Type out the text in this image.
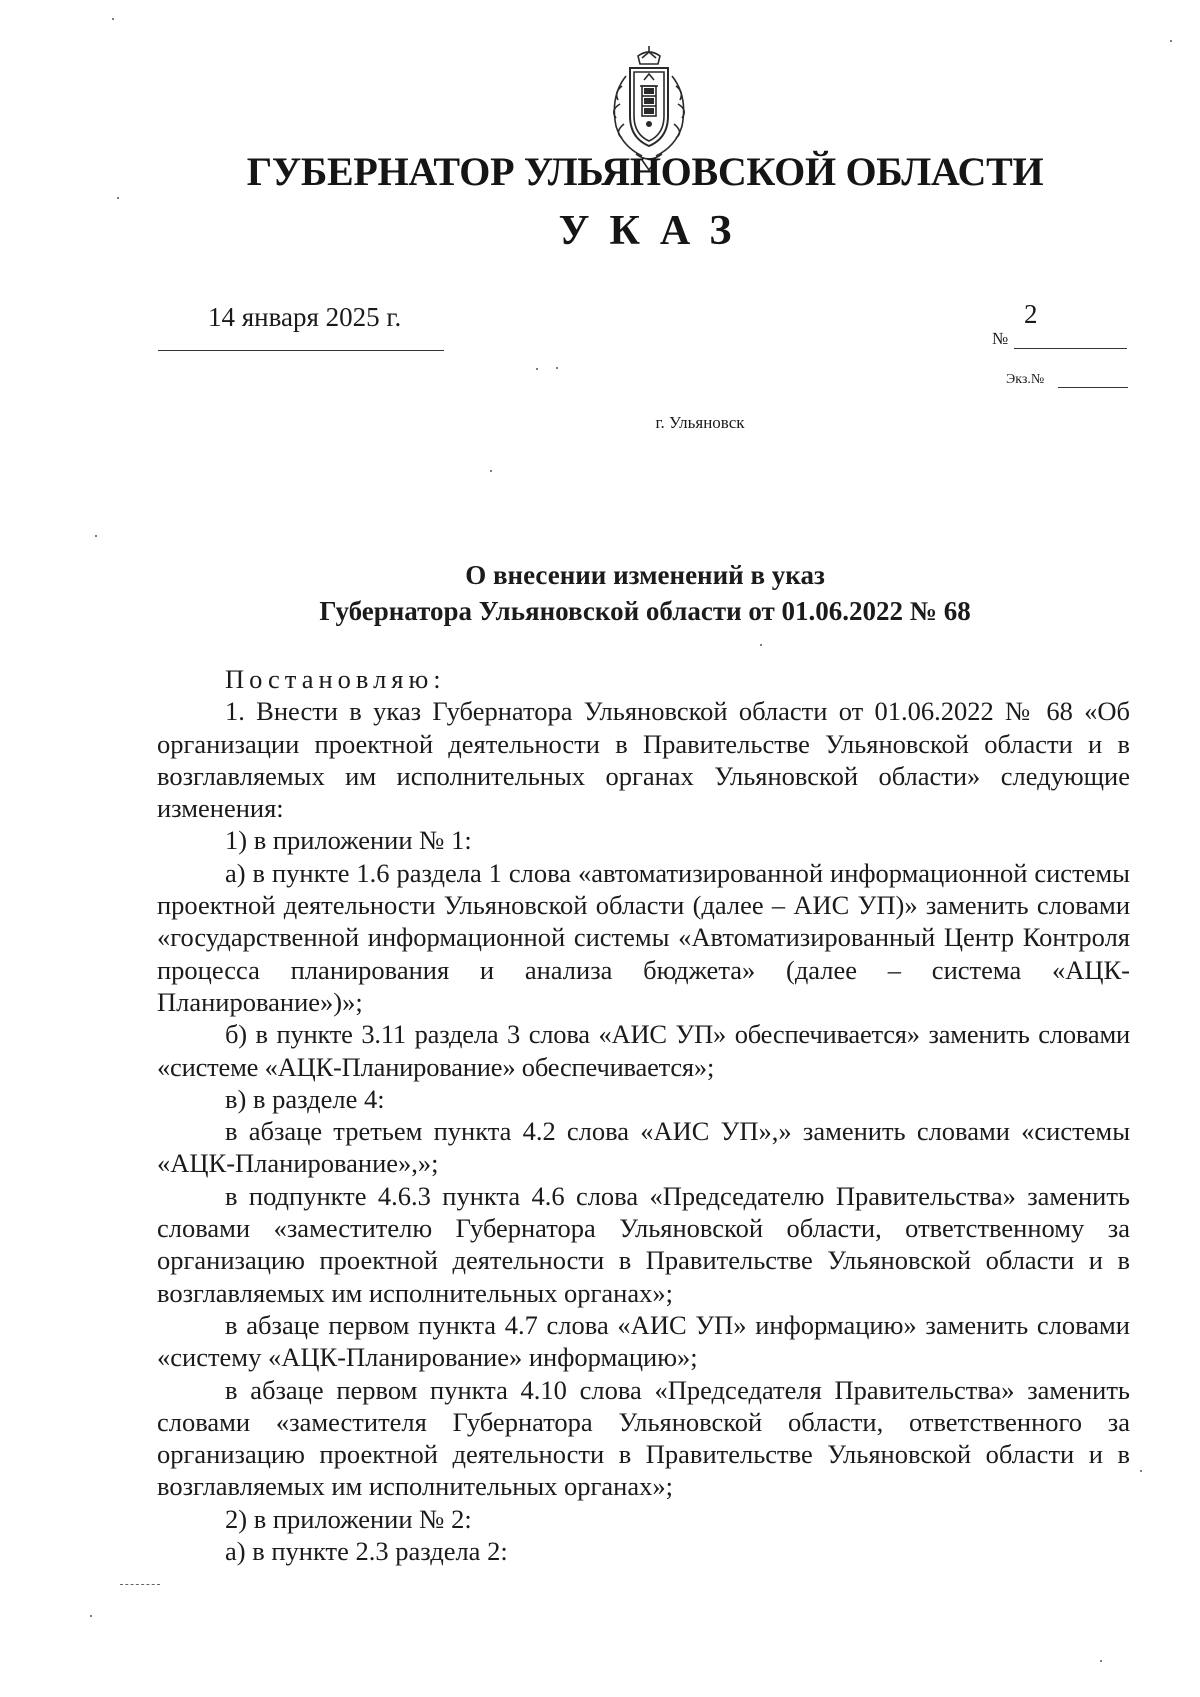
ГУБЕРНАТОР УЛЬЯНОВСКОЙ ОБЛАСТИ
УКАЗ
14 января 2025 г.
№
2
Экз.№
г. Ульяновск
О внесении изменений в указ
Губернатора Ульяновской области от 01.06.2022 № 68

Постановляю:

1. Внести в указ Губернатора Ульяновской области от 01.06.2022 № 68 «Об организации проектной деятельности в Правительстве Ульяновской области и в возглавляемых им исполнительных органах Ульяновской области» следующие изменения:

1) в приложении № 1:

а) в пункте 1.6 раздела 1 слова «автоматизированной информационной системы проектной деятельности Ульяновской области (далее – АИС УП)» заменить словами «государственной информационной системы «Автоматизированный Центр Контроля процесса планирования и анализа бюджета» (далее – система «АЦК-Планирование»)»;

б) в пункте 3.11 раздела 3 слова «АИС УП» обеспечивается» заменить словами «системе «АЦК-Планирование» обеспечивается»;

в) в разделе 4:

в абзаце третьем пункта 4.2 слова «АИС УП»,» заменить словами «системы «АЦК-Планирование»,»;

в подпункте 4.6.3 пункта 4.6 слова «Председателю Правительства» заменить словами «заместителю Губернатора Ульяновской области, ответственному за организацию проектной деятельности в Правительстве Ульяновской области и в возглавляемых им исполнительных органах»;

в абзаце первом пункта 4.7 слова «АИС УП» информацию» заменить словами «систему «АЦК-Планирование» информацию»;

в абзаце первом пункта 4.10 слова «Председателя Правительства» заменить словами «заместителя Губернатора Ульяновской области, ответственного за организацию проектной деятельности в Правительстве Ульяновской области и в возглавляемых им исполнительных органах»;

2) в приложении № 2:

а) в пункте 2.3 раздела 2:
